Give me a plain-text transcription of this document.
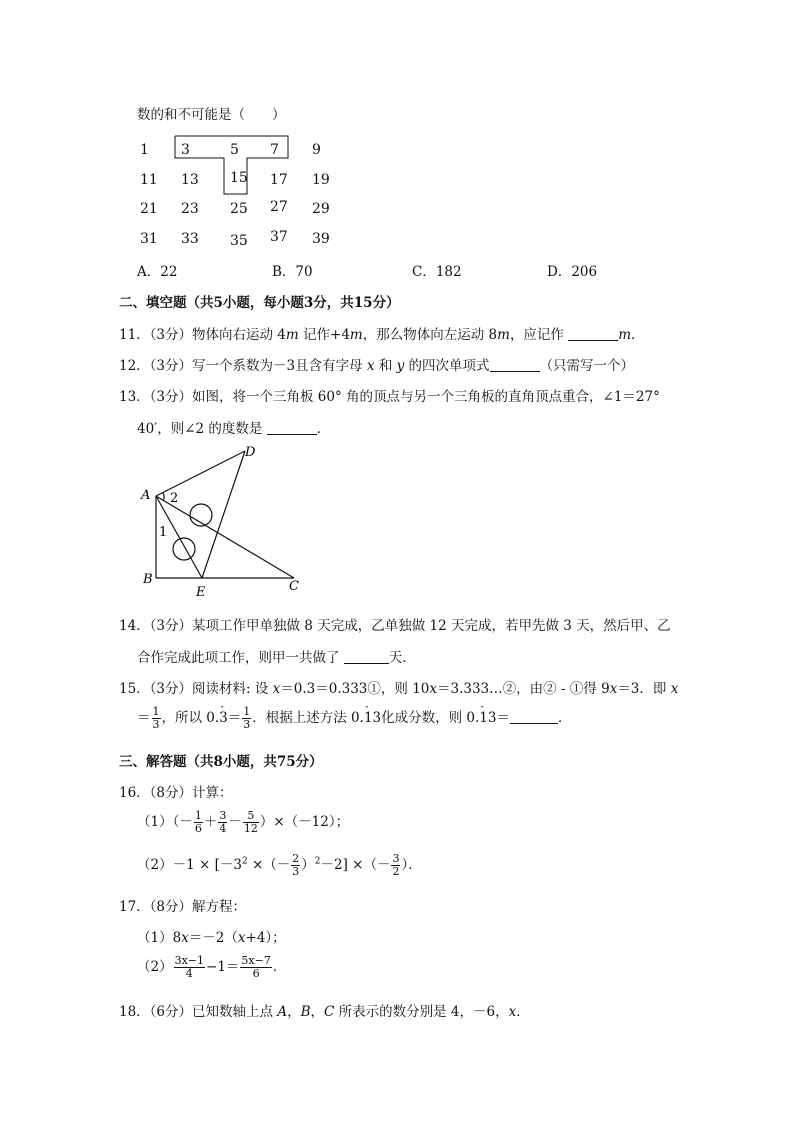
数的和不可能是（　　）
1 3	5 7 9
11 13 15 17 19
21 23 25 27 29
31 33 35 37 39
A．22	B．70	C．182	D．206
二、填空题（共5小题，每小题3分，共15分）
11．（3分）物体向右运动 4m 记作+4m，那么物体向左运动 8m，应记作	m．
12．（3分）写一个系数为－3且含有字母 x 和 y 的四次单项式	（只需写一个）
13．（3分）如图，将一个三角板 60° 角的顶点与另一个三角板的直角顶点重合，∠1＝27°
40′，则∠2 的度数是	．
D
A 2
1
B
E	C
14．（3分）某项工作甲单独做 8 天完成，乙单独做 12 天完成，若甲先做 3 天，然后甲、乙
合作完成此项工作，则甲一共做了	天．
15．（3分）阅读材料: 设 x＝0.3＝0.333①，则 10x＝3.333…②，由② - ①得 9x＝3．即 x
＝ $\frac{1}{3}$ ，所以 $0.3 \cdot= \frac{1}{3}$ ．根据上述方法 0.13 ·化成分数，则 0.13 ·＝	．
三、解答题（共8小题，共75分）
16．（8分）计算：
$(1)(- \frac{1}{6} + \frac{3}{4} - \frac{5}{12} )\times(-12)$；
$(2)-1 \times [-3^2$ ×（－ $\frac{2}{3} )^2-2$] ×（－ $\frac{3}{2}$ ）．
17．（8分）解方程：
（1）8x＝－2（x+4）；
$(2) \frac{3x-1}{4} -1= \frac{5x-7}{6}$ ．
18．（6分）已知数轴上点 A，B，C 所表示的数分别是 4，－6，x．
